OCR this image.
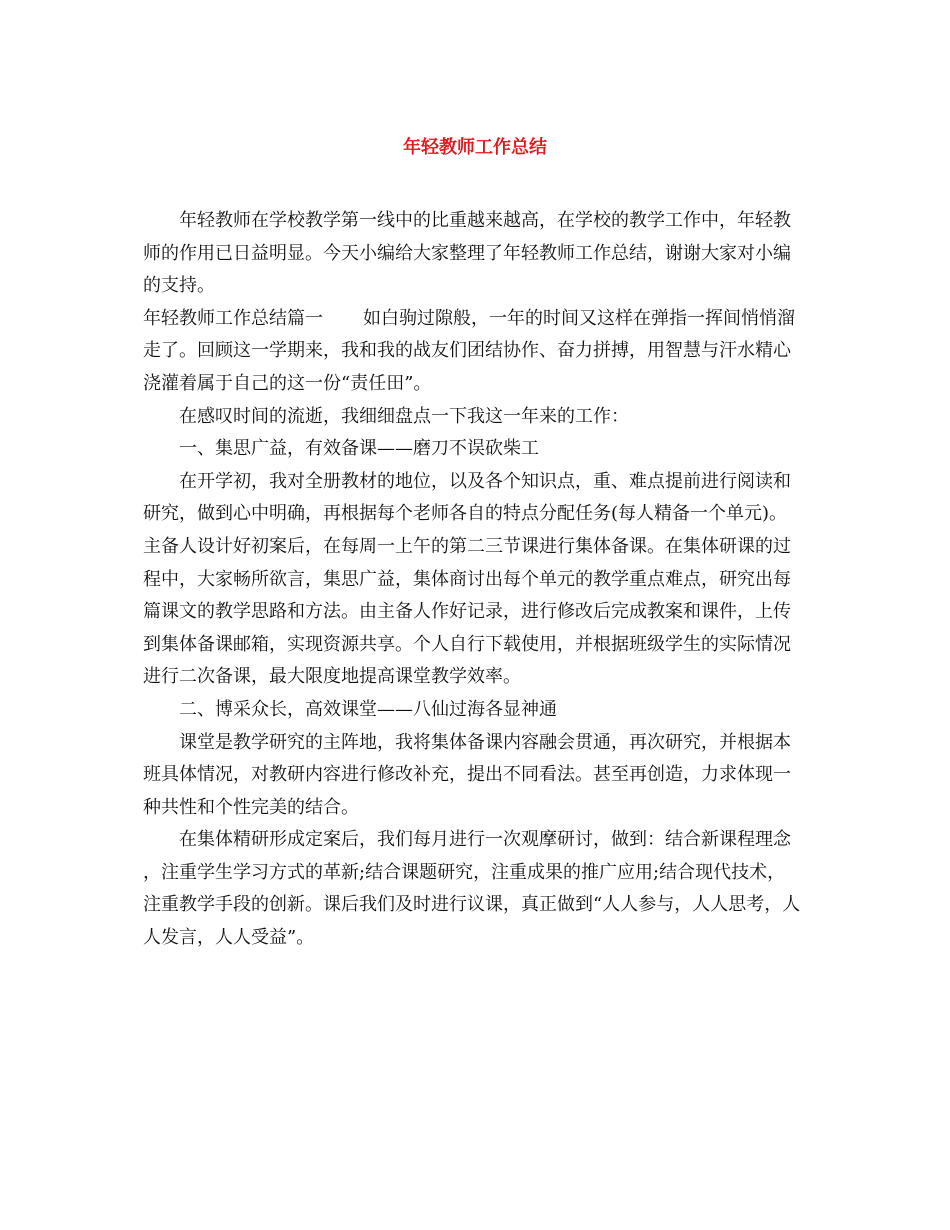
年轻教师工作总结

年轻教师在学校教学第一线中的比重越来越高，在学校的教学工作中，年轻教师的作用已日益明显。今天小编给大家整理了年轻教师工作总结，谢谢大家对小编的支持。

年轻教师工作总结篇一 如白驹过隙般，一年的时间又这样在弹指一挥间悄悄溜走了。回顾这一学期来，我和我的战友们团结协作、奋力拼搏，用智慧与汗水精心浇灌着属于自己的这一份“责任田”。

在感叹时间的流逝，我细细盘点一下我这一年来的工作：

一、集思广益，有效备课——磨刀不误砍柴工

在开学初，我对全册教材的地位，以及各个知识点，重、难点提前进行阅读和研究，做到心中明确，再根据每个老师各自的特点分配任务(每人精备一个单元)。主备人设计好初案后，在每周一上午的第二三节课进行集体备课。在集体研课的过程中，大家畅所欲言，集思广益，集体商讨出每个单元的教学重点难点，研究出每篇课文的教学思路和方法。由主备人作好记录，进行修改后完成教案和课件，上传到集体备课邮箱，实现资源共享。个人自行下载使用，并根据班级学生的实际情况进行二次备课，最大限度地提高课堂教学效率。

二、博采众长，高效课堂——八仙过海各显神通

课堂是教学研究的主阵地，我将集体备课内容融会贯通，再次研究，并根据本班具体情况，对教研内容进行修改补充，提出不同看法。甚至再创造，力求体现一种共性和个性完美的结合。

在集体精研形成定案后，我们每月进行一次观摩研讨，做到：结合新课程理念，注重学生学习方式的革新;结合课题研究，注重成果的推广应用;结合现代技术，注重教学手段的创新。课后我们及时进行议课，真正做到“人人参与，人人思考，人人发言，人人受益”。
